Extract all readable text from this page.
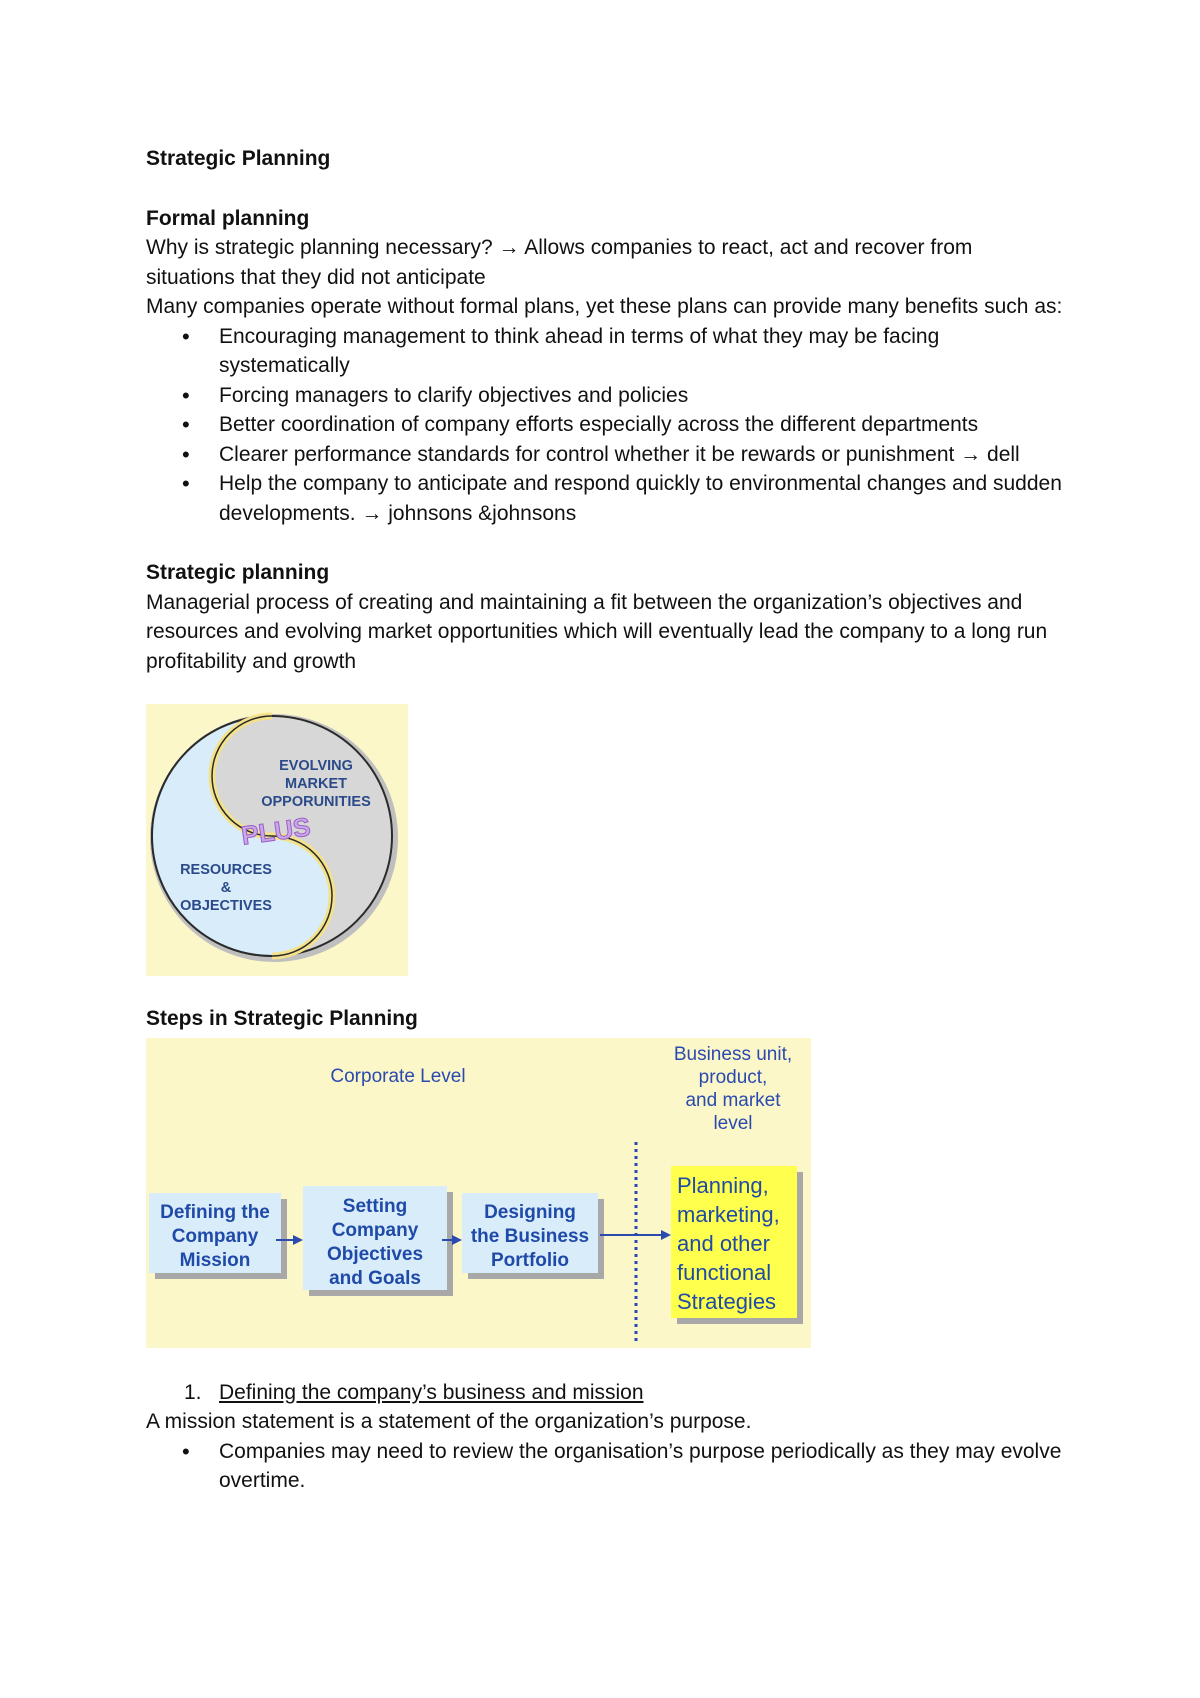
Strategic Planning

Formal planning

Why is strategic planning necessary? → Allows companies to react, act and recover from situations that they did not anticipate

Many companies operate without formal plans, yet these plans can provide many benefits such as:

• Encouraging management to think ahead in terms of what they may be facing systematically
• Forcing managers to clarify objectives and policies
• Better coordination of company efforts especially across the different departments
• Clearer performance standards for control whether it be rewards or punishment → dell
• Help the company to anticipate and respond quickly to environmental changes and sudden developments. → johnsons &johnsons

Strategic planning

Managerial process of creating and maintaining a fit between the organization’s objectives and resources and evolving market opportunities which will eventually lead the company to a long run profitability and growth

EVOLVING
MARKET
OPPORUNITIES
RESOURCES
&
OBJECTIVES
PLUS

Steps in Strategic Planning

Corporate Level
Business unit,
product,
and market
level
Defining the
Company
Mission
Setting
Company
Objectives
and Goals
Designing
the Business
Portfolio
Planning,
marketing,
and other
functional
Strategies
1. Defining the company’s business and mission

A mission statement is a statement of the organization’s purpose.

• Companies may need to review the organisation’s purpose periodically as they may evolve overtime.
